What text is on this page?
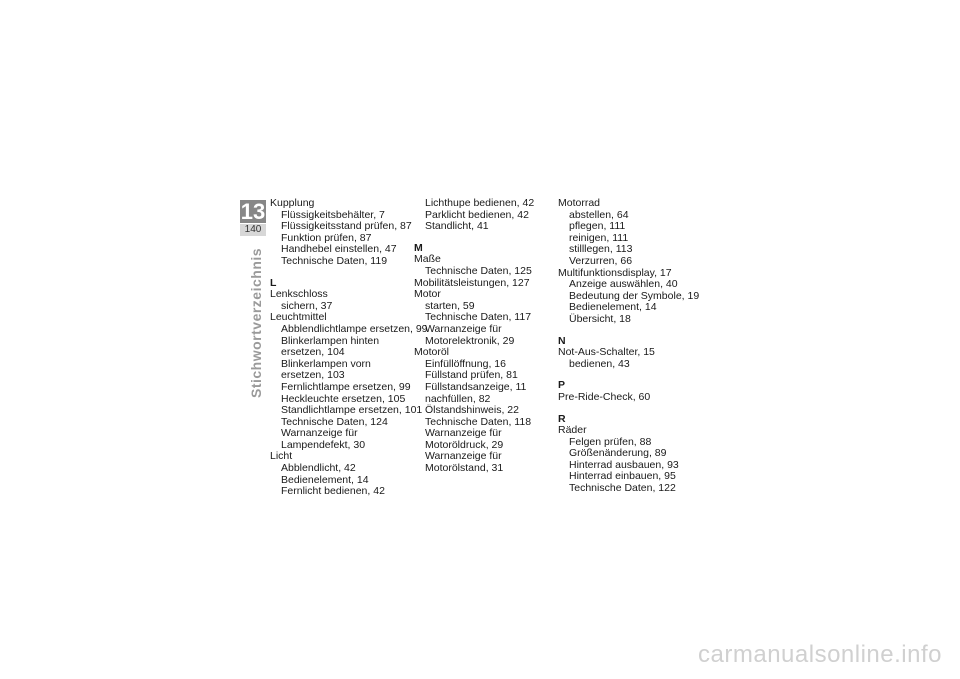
13
140
Stichwortverzeichnis
Kupplung
Flüssigkeitsbehälter, 7
Flüssigkeitsstand prüfen, 87
Funktion prüfen, 87
Handhebel einstellen, 47
Technische Daten, 119
L
Lenkschloss
sichern, 37
Leuchtmittel
Abblendlichtlampe ersetzen, 99
Blinkerlampen hinten
ersetzen, 104
Blinkerlampen vorn
ersetzen, 103
Fernlichtlampe ersetzen, 99
Heckleuchte ersetzen, 105
Standlichtlampe ersetzen, 101
Technische Daten, 124
Warnanzeige für
Lampendefekt, 30
Licht
Abblendlicht, 42
Bedienelement, 14
Fernlicht bedienen, 42
Lichthupe bedienen, 42
Parklicht bedienen, 42
Standlicht, 41
M
Maße
Technische Daten, 125
Mobilitätsleistungen, 127
Motor
starten, 59
Technische Daten, 117
Warnanzeige für
Motorelektronik, 29
Motoröl
Einfüllöffnung, 16
Füllstand prüfen, 81
Füllstandsanzeige, 11
nachfüllen, 82
Ölstandshinweis, 22
Technische Daten, 118
Warnanzeige für
Motoröldruck, 29
Warnanzeige für
Motorölstand, 31
Motorrad
abstellen, 64
pflegen, 111
reinigen, 111
stilllegen, 113
Verzurren, 66
Multifunktionsdisplay, 17
Anzeige auswählen, 40
Bedeutung der Symbole, 19
Bedienelement, 14
Übersicht, 18
N
Not-Aus-Schalter, 15
bedienen, 43
P
Pre-Ride-Check, 60
R
Räder
Felgen prüfen, 88
Größenänderung, 89
Hinterrad ausbauen, 93
Hinterrad einbauen, 95
Technische Daten, 122
carmanualsonline.info
